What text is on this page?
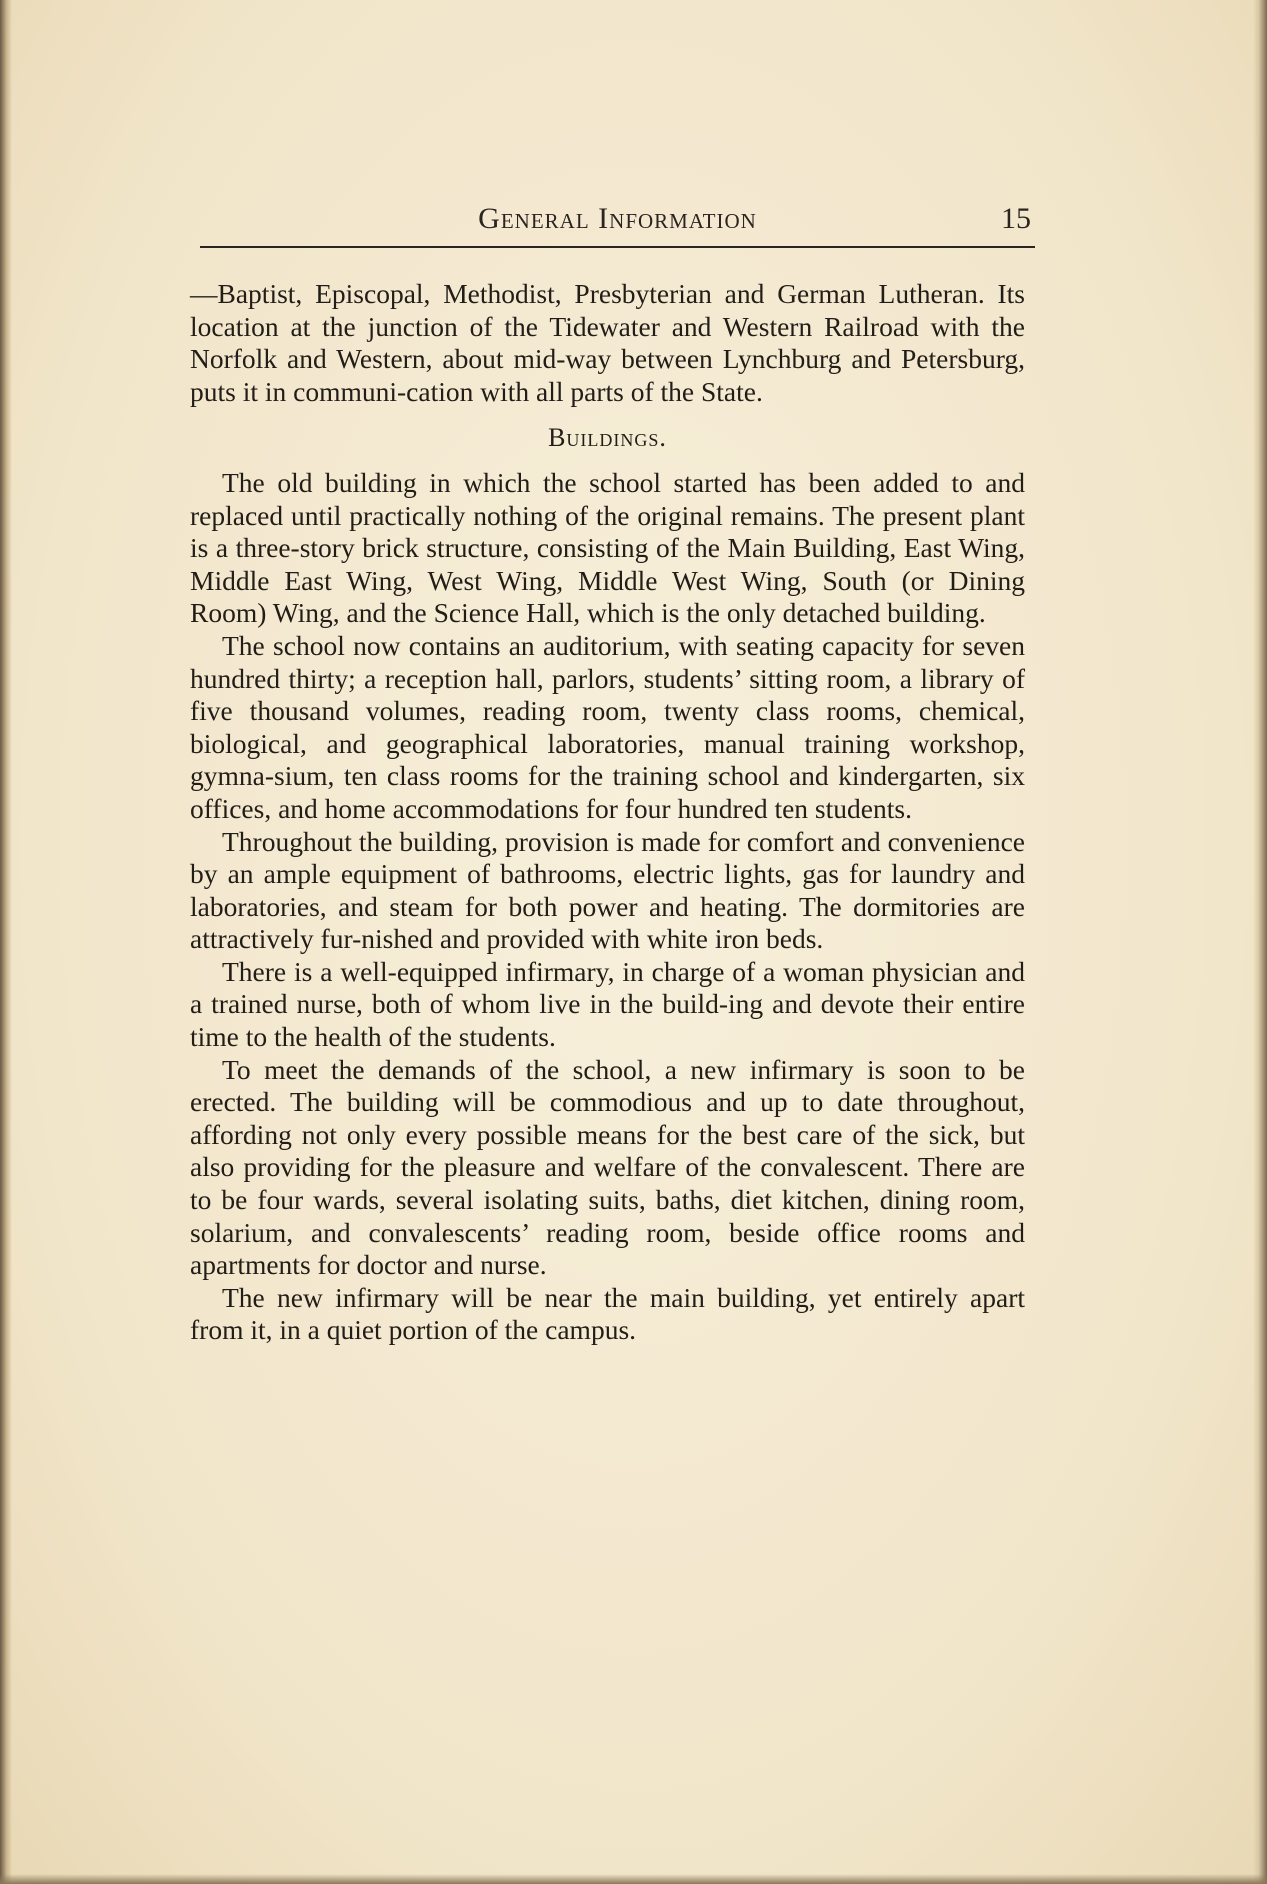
General Information	15

—Baptist, Episcopal, Methodist, Presbyterian and German Lutheran. Its location at the junction of the Tidewater and Western Railroad with the Norfolk and Western, about mid-way between Lynchburg and Petersburg, puts it in communi-cation with all parts of the State.

Buildings.

The old building in which the school started has been added to and replaced until practically nothing of the original remains. The present plant is a three-story brick structure, consisting of the Main Building, East Wing, Middle East Wing, West Wing, Middle West Wing, South (or Dining Room) Wing, and the Science Hall, which is the only detached building.

The school now contains an auditorium, with seating capacity for seven hundred thirty; a reception hall, parlors, students’ sitting room, a library of five thousand volumes, reading room, twenty class rooms, chemical, biological, and geographical laboratories, manual training workshop, gymna-sium, ten class rooms for the training school and kindergarten, six offices, and home accommodations for four hundred ten students.

Throughout the building, provision is made for comfort and convenience by an ample equipment of bathrooms, electric lights, gas for laundry and laboratories, and steam for both power and heating. The dormitories are attractively fur-nished and provided with white iron beds.

There is a well-equipped infirmary, in charge of a woman physician and a trained nurse, both of whom live in the build-ing and devote their entire time to the health of the students.

To meet the demands of the school, a new infirmary is soon to be erected. The building will be commodious and up to date throughout, affording not only every possible means for the best care of the sick, but also providing for the pleasure and welfare of the convalescent. There are to be four wards, several isolating suits, baths, diet kitchen, dining room, solarium, and convalescents’ reading room, beside office rooms and apartments for doctor and nurse.

The new infirmary will be near the main building, yet entirely apart from it, in a quiet portion of the campus.
